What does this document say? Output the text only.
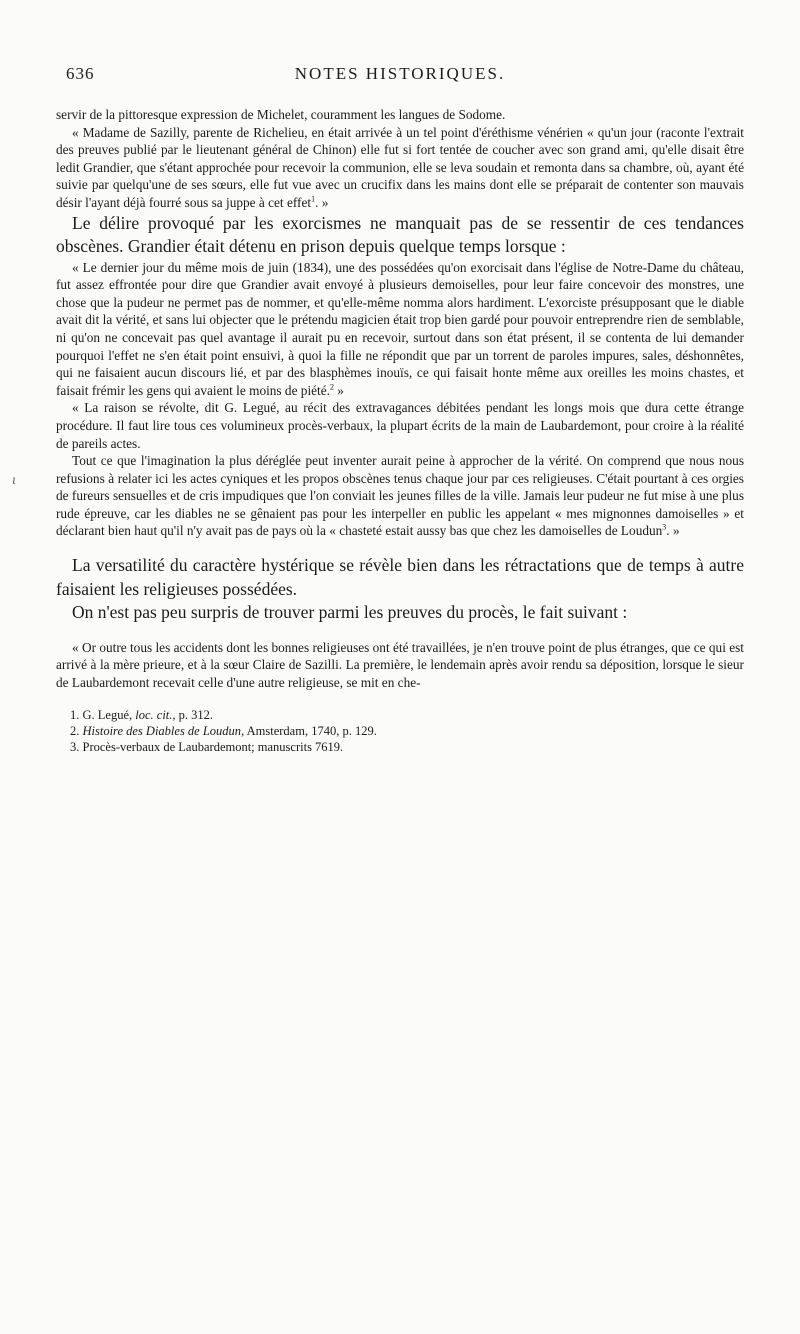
636	NOTES HISTORIQUES.

servir de la pittoresque expression de Michelet, couramment les langues de Sodome.

« Madame de Sazilly, parente de Richelieu, en était arrivée à un tel point d'éréthisme vénérien « qu'un jour (raconte l'extrait des preuves publié par le lieutenant général de Chinon) elle fut si fort tentée de coucher avec son grand ami, qu'elle disait être ledit Grandier, que s'étant approchée pour recevoir la communion, elle se leva soudain et remonta dans sa chambre, où, ayant été suivie par quelqu'une de ses sœurs, elle fut vue avec un crucifix dans les mains dont elle se préparait de contenter son mauvais désir l'ayant déjà fourré sous sa juppe à cet effet$^1$. »

Le délire provoqué par les exorcismes ne manquait pas de se ressentir de ces tendances obscènes. Grandier était détenu en prison depuis quelque temps lorsque :

« Le dernier jour du même mois de juin (1834), une des possédées qu'on exorcisait dans l'église de Notre-Dame du château, fut assez effrontée pour dire que Grandier avait envoyé à plusieurs demoiselles, pour leur faire concevoir des monstres, une chose que la pudeur ne permet pas de nommer, et qu'elle-même nomma alors hardiment. L'exorciste présupposant que le diable avait dit la vérité, et sans lui objecter que le prétendu magicien était trop bien gardé pour pouvoir entreprendre rien de semblable, ni qu'on ne concevait pas quel avantage il aurait pu en recevoir, surtout dans son état présent, il se contenta de lui demander pourquoi l'effet ne s'en était point ensuivi, à quoi la fille ne répondit que par un torrent de paroles impures, sales, déshonnêtes, qui ne faisaient aucun discours lié, et par des blasphèmes inouïs, ce qui faisait honte même aux oreilles les moins chastes, et faisait frémir les gens qui avaient le moins de piété.$^2$ »

« La raison se révolte, dit G. Legué, au récit des extravagances débitées pendant les longs mois que dura cette étrange procédure. Il faut lire tous ces volumineux procès-verbaux, la plupart écrits de la main de Laubardemont, pour croire à la réalité de pareils actes.

Tout ce que l'imagination la plus déréglée peut inventer aurait peine à approcher de la vérité. On comprend que nous nous refusions à relater ici les actes cyniques et les propos obscènes tenus chaque jour par ces religieuses. C'était pourtant à ces orgies de fureurs sensuelles et de cris impudiques que l'on conviait les jeunes filles de la ville. Jamais leur pudeur ne fut mise à une plus rude épreuve, car les diables ne se gênaient pas pour les interpeller en public les appelant « mes mignonnes damoiselles » et déclarant bien haut qu'il n'y avait pas de pays où la « chasteté estait aussy bas que chez les damoiselles de Loudun$^3$. »

La versatilité du caractère hystérique se révèle bien dans les rétractations que de temps à autre faisaient les religieuses possédées.

On n'est pas peu surpris de trouver parmi les preuves du procès, le fait suivant :

« Or outre tous les accidents dont les bonnes religieuses ont été travaillées, je n'en trouve point de plus étranges, que ce qui est arrivé à la mère prieure, et à la sœur Claire de Sazilli. La première, le lendemain après avoir rendu sa déposition, lorsque le sieur de Laubardemont recevait celle d'une autre religieuse, se mit en che-

1. G. Legué, loc. cit., p. 312.
2. Histoire des Diables de Loudun, Amsterdam, 1740, p. 129.
3. Procès-verbaux de Laubardemont; manuscrits 7619.
ɩ
